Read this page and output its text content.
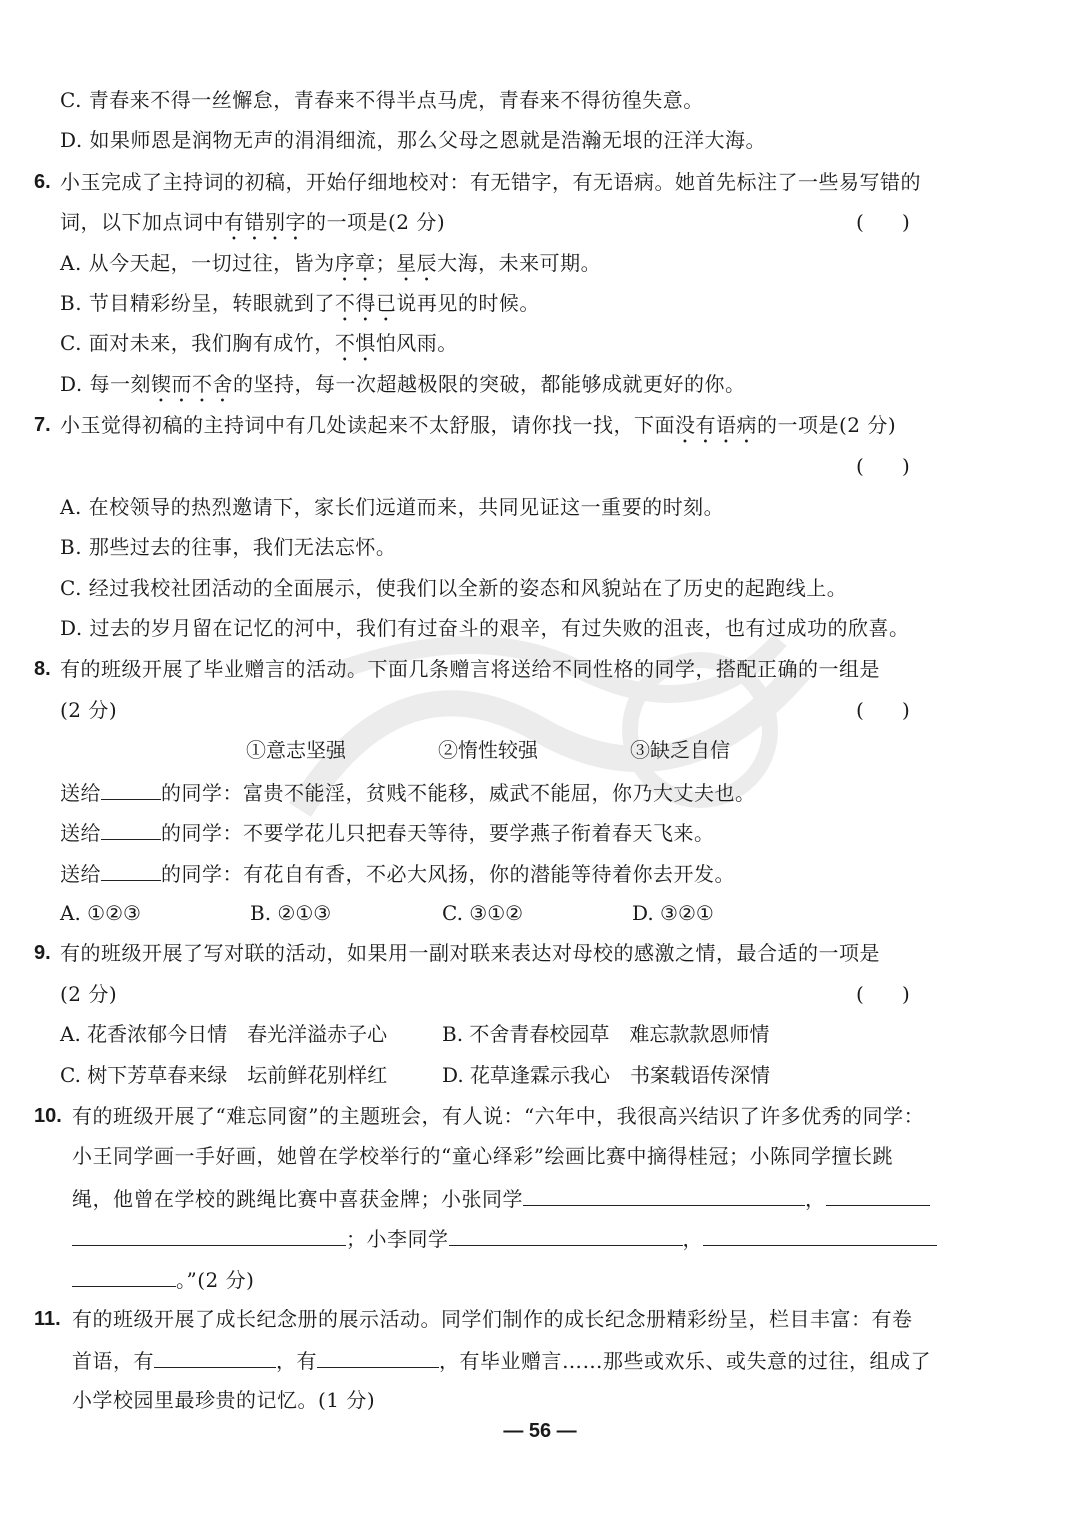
C. 青春来不得一丝懈怠，青春来不得半点马虎，青春来不得彷徨失意。
D. 如果师恩是润物无声的涓涓细流，那么父母之恩就是浩瀚无垠的汪洋大海。
6. 小玉完成了主持词的初稿，开始仔细地校对：有无错字，有无语病。她首先标注了一些易写错的
词，以下加点词中有错别字的一项是(2 分)	(      )
A. 从今天起，一切过往，皆为序章；星辰大海，未来可期。
B. 节目精彩纷呈，转眼就到了不得已说再见的时候。
C. 面对未来，我们胸有成竹，不惧怕风雨。
D. 每一刻锲而不舍的坚持，每一次超越极限的突破，都能够成就更好的你。
7. 小玉觉得初稿的主持词中有几处读起来不太舒服，请你找一找，下面没有语病的一项是(2 分)
(      )
A. 在校领导的热烈邀请下，家长们远道而来，共同见证这一重要的时刻。
B. 那些过去的往事，我们无法忘怀。
C. 经过我校社团活动的全面展示，使我们以全新的姿态和风貌站在了历史的起跑线上。
D. 过去的岁月留在记忆的河中，我们有过奋斗的艰辛，有过失败的沮丧，也有过成功的欣喜。
8. 有的班级开展了毕业赠言的活动。下面几条赠言将送给不同性格的同学，搭配正确的一组是
(2 分)	(      )
①意志坚强	②惰性较强	③缺乏自信
送给	的同学：富贵不能淫，贫贱不能移，威武不能屈，你乃大丈夫也。
送给	的同学：不要学花儿只把春天等待，要学燕子衔着春天飞来。
送给	的同学：有花自有香，不必大风扬，你的潜能等待着你去开发。
A. ①②③	B. ②①③	C. ③①②	D. ③②①
9. 有的班级开展了写对联的活动，如果用一副对联来表达对母校的感激之情，最合适的一项是
(2 分)	(      )
A. 花香浓郁今日情　春光洋溢赤子心	B. 不舍青春校园草　难忘款款恩师情
C. 树下芳草春来绿　坛前鲜花别样红	D. 花草逢霖示我心　书案载语传深情
10. 有的班级开展了“难忘同窗”的主题班会，有人说：“六年中，我很高兴结识了许多优秀的同学：
小王同学画一手好画，她曾在学校举行的“童心绎彩”绘画比赛中摘得桂冠；小陈同学擅长跳
绳，他曾在学校的跳绳比赛中喜获金牌；小张同学	，
；小李同学	，
。”(2 分)
11. 有的班级开展了成长纪念册的展示活动。同学们制作的成长纪念册精彩纷呈，栏目丰富：有卷
首语，有	，有	，有毕业赠言……那些或欢乐、或失意的过往，组成了
小学校园里最珍贵的记忆。(1 分)
— 56 —
